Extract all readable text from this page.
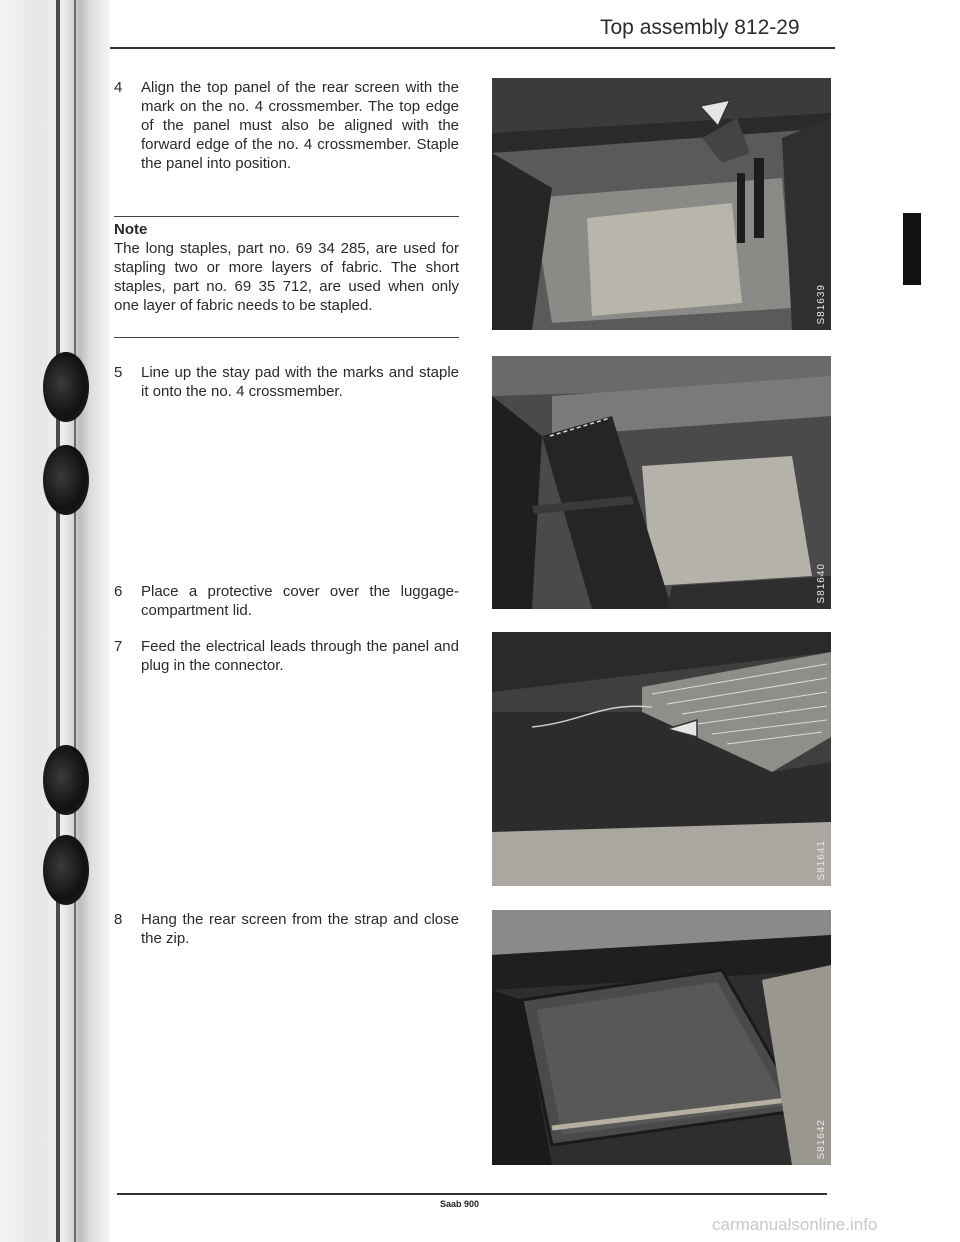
Top assembly 812-29
4	Align the top panel of the rear screen with the mark on the no. 4 crossmember. The top edge of the panel must also be aligned with the forward edge of the no. 4 crossmember. Staple the panel into position.
Note
The long staples, part no. 69 34 285, are used for stapling two or more layers of fabric. The short staples, part no. 69 35 712, are used when only one layer of fabric needs to be stapled.
5	Line up the stay pad with the marks and staple it onto the no. 4 crossmember.
6	Place a protective cover over the luggage-compartment lid.
7	Feed the electrical leads through the panel and plug in the connector.
8	Hang the rear screen from the strap and close the zip.
S81639
S81640
S81641
S81642
Saab 900
carmanualsonline.info
